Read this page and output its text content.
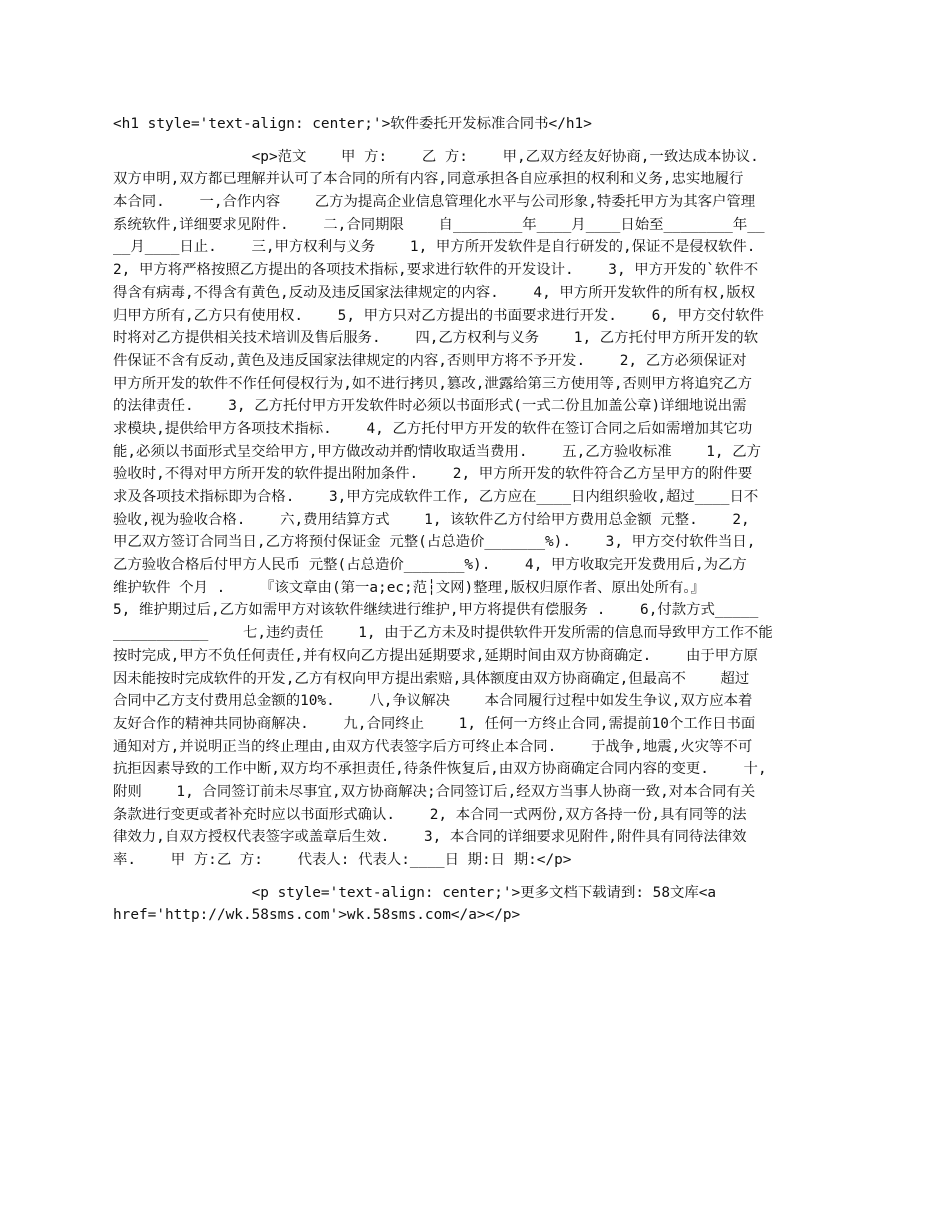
<h1 style='text-align: center;'>软件委托开发标准合同书</h1>
<p>范文    甲 方:    乙 方:    甲,乙双方经友好协商,一致达成本协议.
双方申明,双方都已理解并认可了本合同的所有内容,同意承担各自应承担的权利和义务,忠实地履行
本合同.    一,合作内容    乙方为提高企业信息管理化水平与公司形象,特委托甲方为其客户管理
系统软件,详细要求见附件.    二,合同期限    自________年____月____日始至________年__
__月____日止.    三,甲方权利与义务    1, 甲方所开发软件是自行研发的,保证不是侵权软件.
2, 甲方将严格按照乙方提出的各项技术指标,要求进行软件的开发设计.    3, 甲方开发的`软件不
得含有病毒,不得含有黄色,反动及违反国家法律规定的内容.    4, 甲方所开发软件的所有权,版权
归甲方所有,乙方只有使用权.    5, 甲方只对乙方提出的书面要求进行开发.    6, 甲方交付软件
时将对乙方提供相关技术培训及售后服务.    四,乙方权利与义务    1, 乙方托付甲方所开发的软
件保证不含有反动,黄色及违反国家法律规定的内容,否则甲方将不予开发.    2, 乙方必须保证对
甲方所开发的软件不作任何侵权行为,如不进行拷贝,篡改,泄露给第三方使用等,否则甲方将追究乙方
的法律责任.    3, 乙方托付甲方开发软件时必须以书面形式(一式二份且加盖公章)详细地说出需
求模块,提供给甲方各项技术指标.    4, 乙方托付甲方开发的软件在签订合同之后如需增加其它功
能,必须以书面形式呈交给甲方,甲方做改动并酌情收取适当费用.    五,乙方验收标准    1, 乙方
验收时,不得对甲方所开发的软件提出附加条件.    2, 甲方所开发的软件符合乙方呈甲方的附件要
求及各项技术指标即为合格.    3,甲方完成软件工作, 乙方应在____日内组织验收,超过____日不
验收,视为验收合格.    六,费用结算方式    1, 该软件乙方付给甲方费用总金额 元整.    2,
甲乙双方签订合同当日,乙方将预付保证金 元整(占总造价_______%).    3, 甲方交付软件当日,
乙方验收合格后付甲方人民币 元整(占总造价_______%).    4, 甲方收取完开发费用后,为乙方
维护软件 个月 .    『该文章由(第一a;ec;范┆文网)整理,版权归原作者、原出处所有。』
5, 维护期过后,乙方如需甲方对该软件继续进行维护,甲方将提供有偿服务 .    6,付款方式_____
___________    七,违约责任    1, 由于乙方未及时提供软件开发所需的信息而导致甲方工作不能
按时完成,甲方不负任何责任,并有权向乙方提出延期要求,延期时间由双方协商确定.    由于甲方原
因未能按时完成软件的开发,乙方有权向甲方提出索赔,具体额度由双方协商确定,但最高不    超过
合同中乙方支付费用总金额的10%.    八,争议解决    本合同履行过程中如发生争议,双方应本着
友好合作的精神共同协商解决.    九,合同终止    1, 任何一方终止合同,需提前10个工作日书面
通知对方,并说明正当的终止理由,由双方代表签字后方可终止本合同.    于战争,地震,火灾等不可
抗拒因素导致的工作中断,双方均不承担责任,待条件恢复后,由双方协商确定合同内容的变更.    十,
附则    1, 合同签订前未尽事宜,双方协商解决;合同签订后,经双方当事人协商一致,对本合同有关
条款进行变更或者补充时应以书面形式确认.    2, 本合同一式两份,双方各持一份,具有同等的法
律效力,自双方授权代表签字或盖章后生效.    3, 本合同的详细要求见附件,附件具有同待法律效
率.    甲 方:乙 方:    代表人: 代表人:____日 期:日 期:</p>
<p style='text-align: center;'>更多文档下载请到: 58文库<a
href='http://wk.58sms.com'>wk.58sms.com</a></p>
